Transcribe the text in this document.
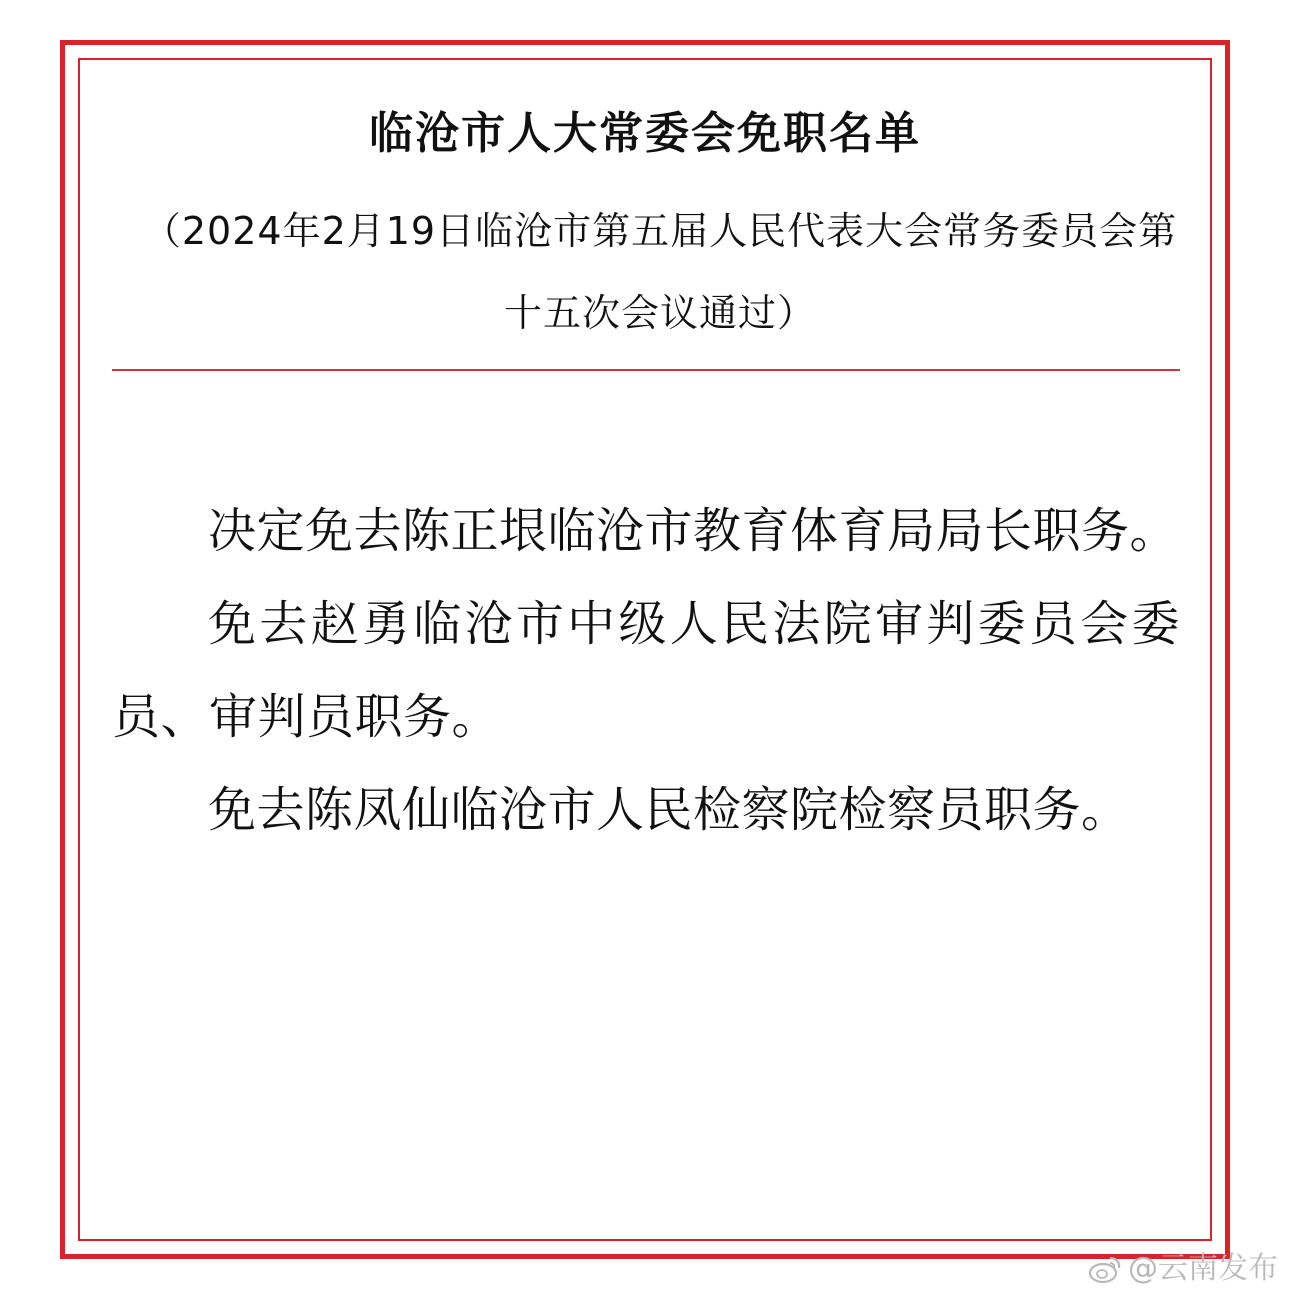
临沧市人大常委会免职名单
（2024年2月19日临沧市第五届人民代表大会常务委员会第十五次会议通过）

决定免去陈正垠临沧市教育体育局局长职务。

免去赵勇临沧市中级人民法院审判委员会委员、审判员职务。

免去陈凤仙临沧市人民检察院检察员职务。

@云南发布
